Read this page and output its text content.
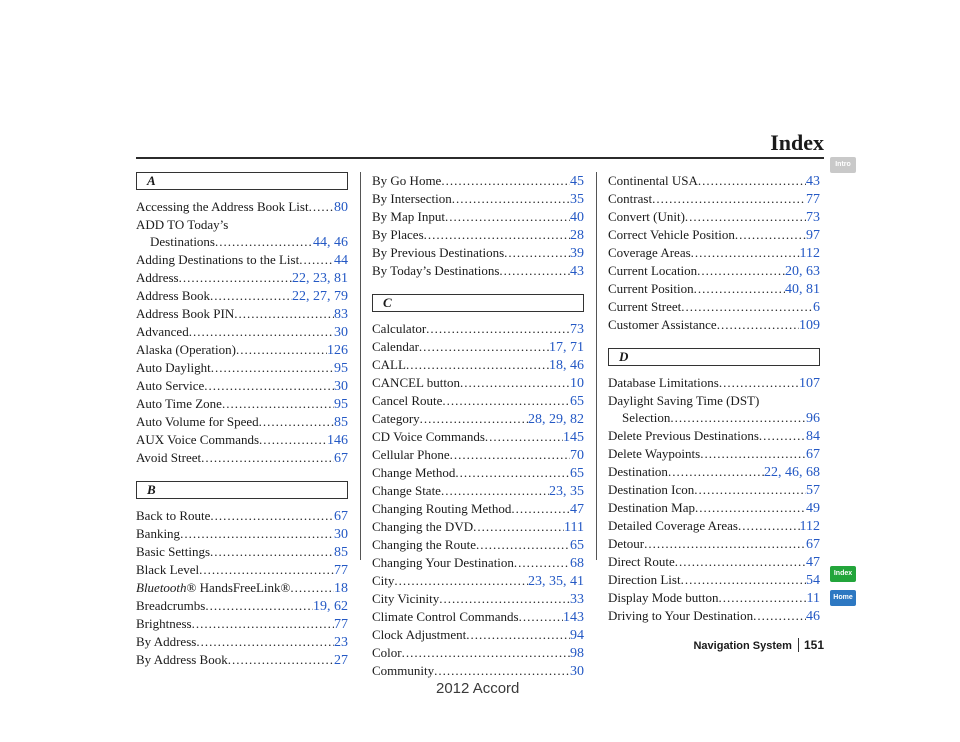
Index
A
Accessing the Address Book List ..... 80
ADD TO Today’s
Destinations .....	44, 46
Adding Destinations to the List ..... 44
Address .....	22, 23, 81
Address Book .....	22, 27, 79
Address Book PIN .....	83
Advanced .....	30
Alaska (Operation) .....	126
Auto Daylight .....	95
Auto Service .....	30
Auto Time Zone .....	95
Auto Volume for Speed .....	85
AUX Voice Commands .....	146
Avoid Street .....	67
B
Back to Route .....	67
Banking .....	30
Basic Settings .....	85
Black Level .....	77
Bluetooth® HandsFreeLink® .....	18
Breadcrumbs .....	19, 62
Brightness .....	77
By Address .....	23
By Address Book .....	27
By Go Home .....	45
By Intersection .....	35
By Map Input .....	40
By Places .....	28
By Previous Destinations .....	39
By Today’s Destinations .....	43
C
Calculator .....	73
Calendar .....	17, 71
CALL .....	18, 46
CANCEL button .....	10
Cancel Route .....	65
Category .....	28, 29, 82
CD Voice Commands .....	145
Cellular Phone .....	70
Change Method .....	65
Change State .....	23, 35
Changing Routing Method .....	47
Changing the DVD .....	111
Changing the Route .....	65
Changing Your Destination .....	68
City .....	23, 35, 41
City Vicinity .....	33
Climate Control Commands .....	143
Clock Adjustment .....	94
Color .....	98
Community .....	30
Continental USA .....	43
Contrast .....	77
Convert (Unit) .....	73
Correct Vehicle Position .....	97
Coverage Areas .....	112
Current Location .....	20, 63
Current Position .....	40, 81
Current Street .....	6
Customer Assistance .....	109
D
Database Limitations .....	107
Daylight Saving Time (DST)
Selection .....	96
Delete Previous Destinations .....	84
Delete Waypoints .....	67
Destination .....	22, 46, 68
Destination Icon .....	57
Destination Map .....	49
Detailed Coverage Areas .....	112
Detour .....	67
Direct Route .....	47
Direction List .....	54
Display Mode button .....	11
Driving to Your Destination .....	46
Intro
Index
Home
Navigation System 151
2012 Accord
